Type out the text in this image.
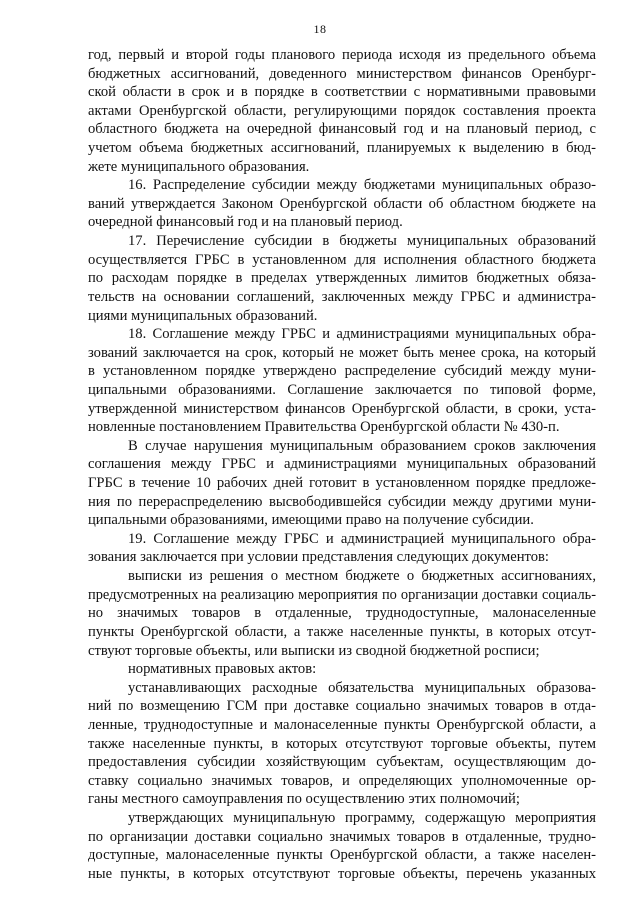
18
год, первый и второй годы планового периода исходя из предельного объема
бюджетных ассигнований, доведенного министерством финансов Оренбург-
ской области в срок и в порядке в соответствии с нормативными правовыми
актами Оренбургской области, регулирующими порядок составления проекта
областного бюджета на очередной финансовый год и на плановый период, с
учетом объема бюджетных ассигнований, планируемых к выделению в бюд-
жете муниципального образования.
16. Распределение субсидии между бюджетами муниципальных образо-
ваний утверждается Законом Оренбургской области об областном бюджете на
очередной финансовый год и на плановый период.
17. Перечисление субсидии в бюджеты муниципальных образований
осуществляется ГРБС в установленном для исполнения областного бюджета
по расходам порядке в пределах утвержденных лимитов бюджетных обяза-
тельств на основании соглашений, заключенных между ГРБС и администра-
циями муниципальных образований.
18. Соглашение между ГРБС и администрациями муниципальных обра-
зований заключается на срок, который не может быть менее срока, на который
в установленном порядке утверждено распределение субсидий между муни-
ципальными образованиями. Соглашение заключается по типовой форме,
утвержденной министерством финансов Оренбургской области, в сроки, уста-
новленные постановлением Правительства Оренбургской области № 430-п.
В случае нарушения муниципальным образованием сроков заключения
соглашения между ГРБС и администрациями муниципальных образований
ГРБС в течение 10 рабочих дней готовит в установленном порядке предложе-
ния по перераспределению высвободившейся субсидии между другими муни-
ципальными образованиями, имеющими право на получение субсидии.
19. Соглашение между ГРБС и администрацией муниципального обра-
зования заключается при условии представления следующих документов:
выписки из решения о местном бюджете о бюджетных ассигнованиях,
предусмотренных на реализацию мероприятия по организации доставки социаль-
но значимых товаров в отдаленные, труднодоступные, малонаселенные
пункты Оренбургской области, а также населенные пункты, в которых отсут-
ствуют торговые объекты, или выписки из сводной бюджетной росписи;
нормативных правовых актов:
устанавливающих расходные обязательства муниципальных образова-
ний по возмещению ГСМ при доставке социально значимых товаров в отда-
ленные, труднодоступные и малонаселенные пункты Оренбургской области, а
также населенные пункты, в которых отсутствуют торговые объекты, путем
предоставления субсидии хозяйствующим субъектам, осуществляющим до-
ставку социально значимых товаров, и определяющих уполномоченные ор-
ганы местного самоуправления по осуществлению этих полномочий;
утверждающих муниципальную программу, содержащую мероприятия
по организации доставки социально значимых товаров в отдаленные, трудно-
доступные, малонаселенные пункты Оренбургской области, а также населен-
ные пункты, в которых отсутствуют торговые объекты, перечень указанных
